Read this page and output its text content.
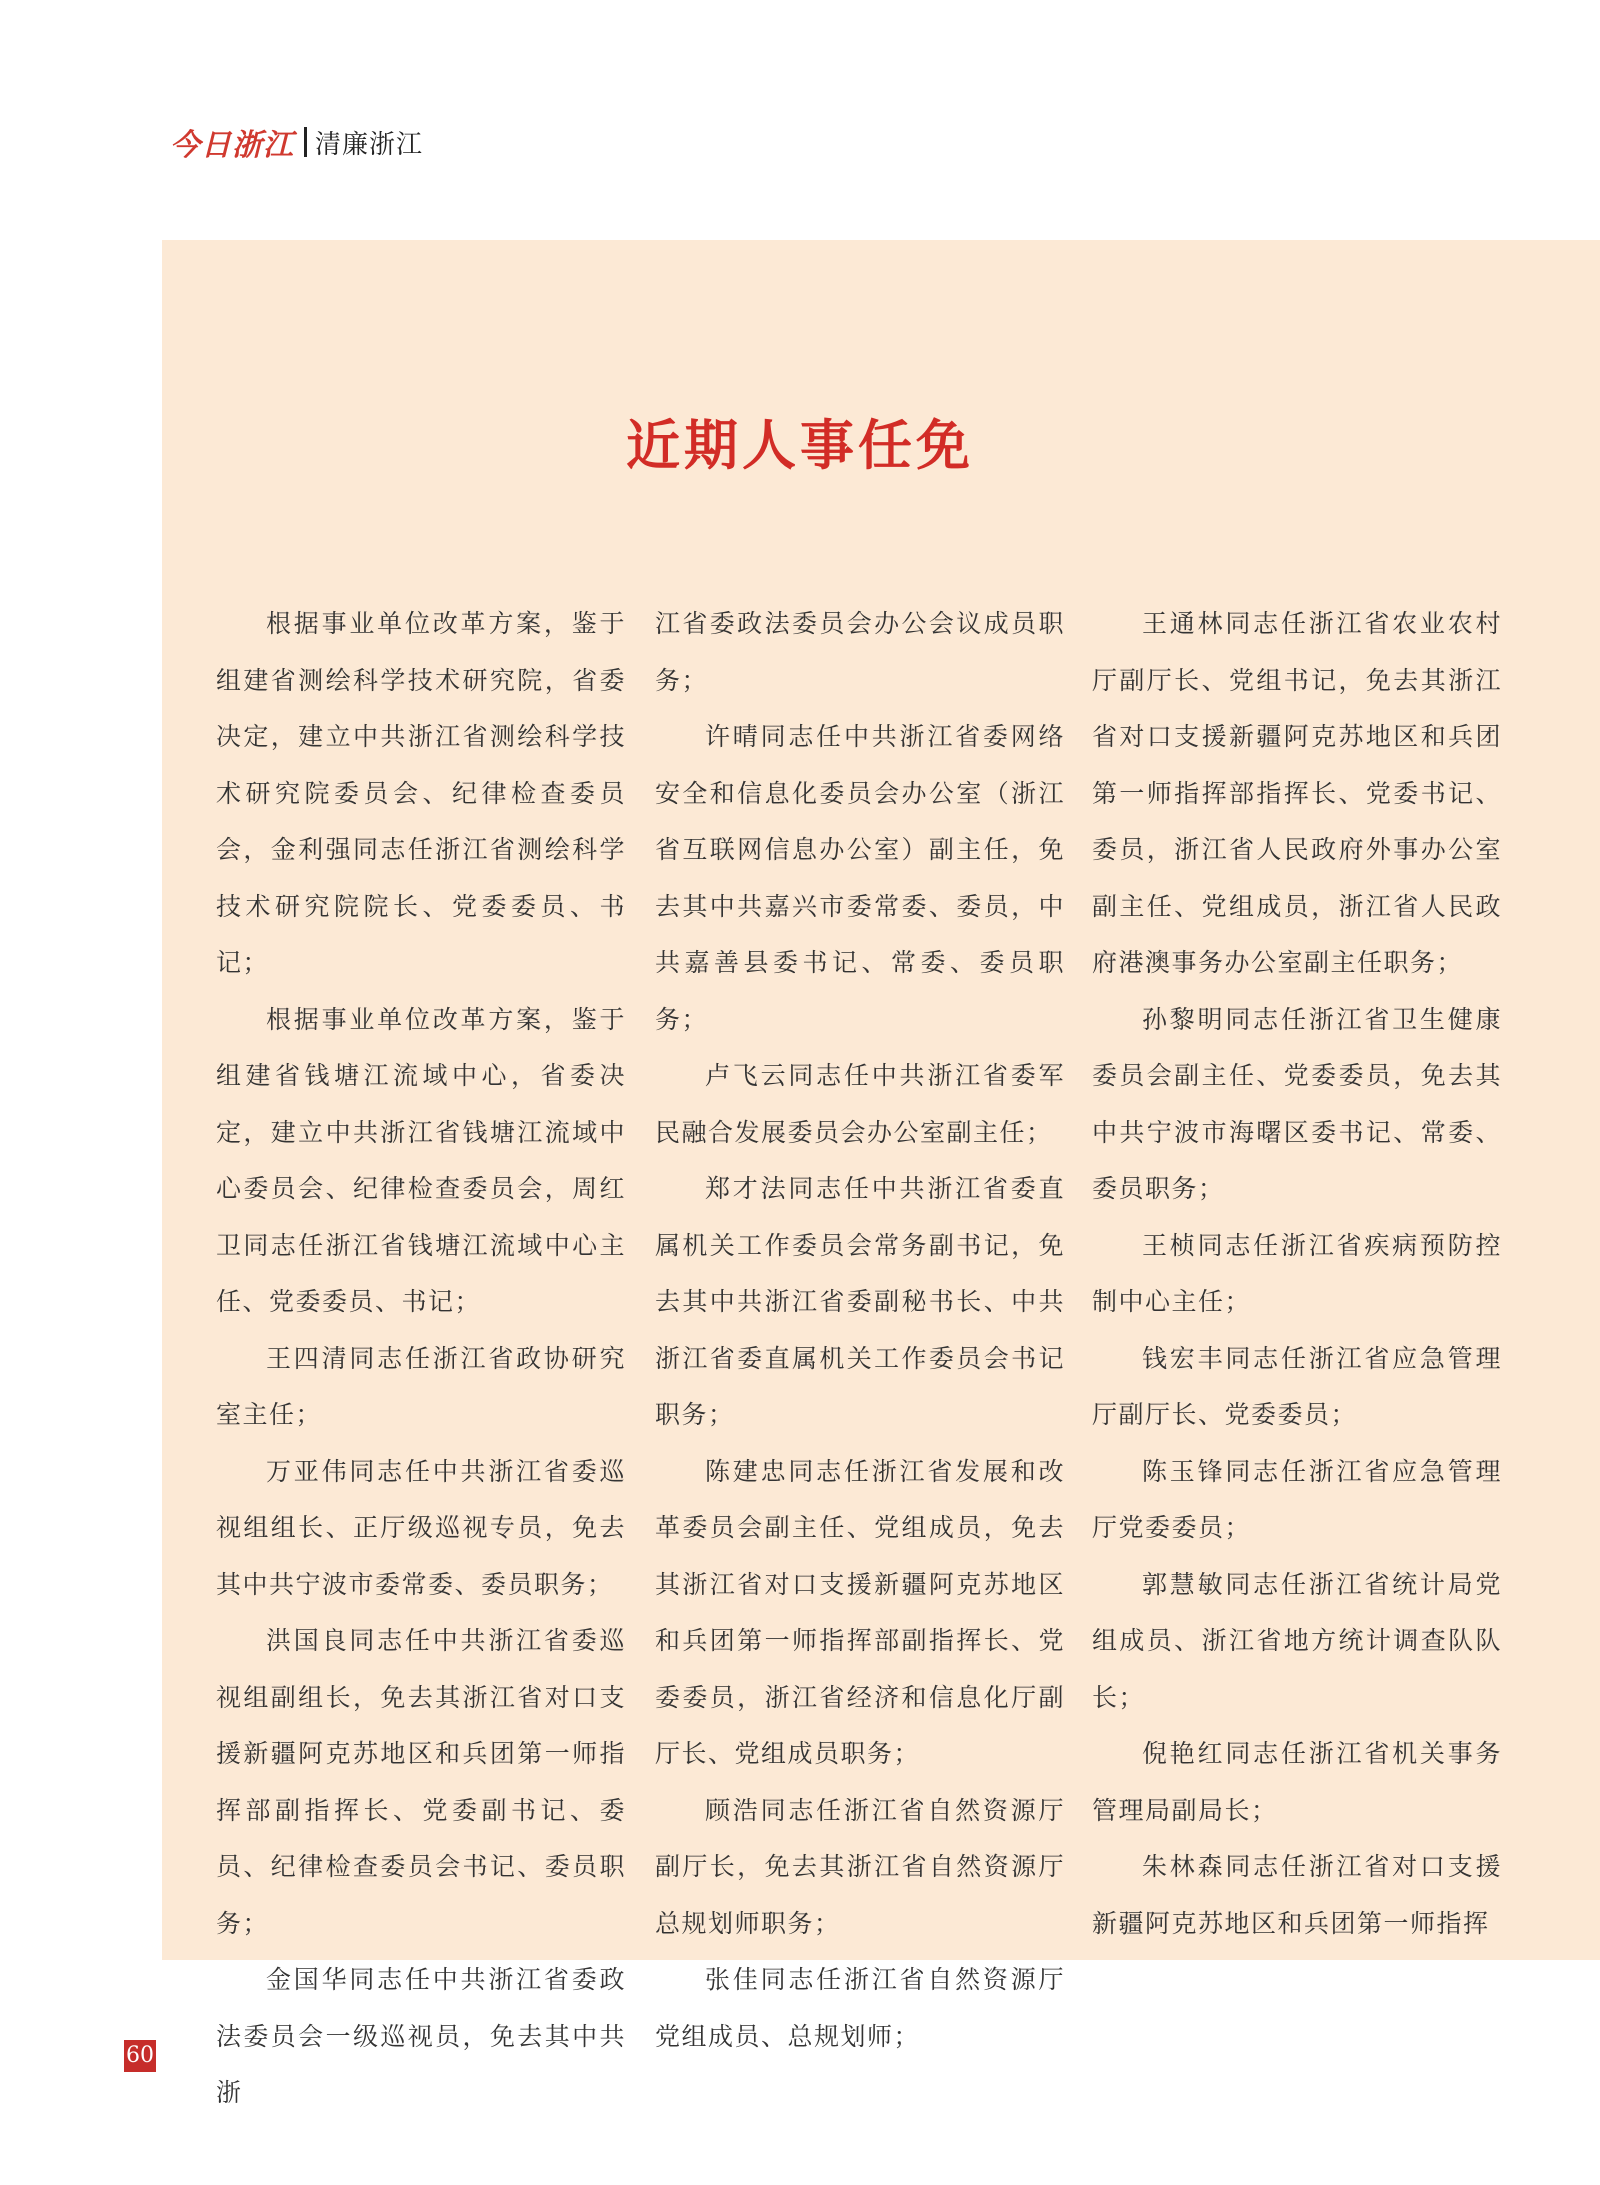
今日浙江 清廉浙江
近期人事任免

根据事业单位改革方案，鉴于组建省测绘科学技术研究院，省委决定，建立中共浙江省测绘科学技术研究院委员会、纪律检查委员会，金利强同志任浙江省测绘科学技术研究院院长、党委委员、书记；

根据事业单位改革方案，鉴于组建省钱塘江流域中心，省委决定，建立中共浙江省钱塘江流域中心委员会、纪律检查委员会，周红卫同志任浙江省钱塘江流域中心主任、党委委员、书记；

王四清同志任浙江省政协研究室主任；

万亚伟同志任中共浙江省委巡视组组长、正厅级巡视专员，免去其中共宁波市委常委、委员职务；

洪国良同志任中共浙江省委巡视组副组长，免去其浙江省对口支援新疆阿克苏地区和兵团第一师指挥部副指挥长、党委副书记、委员、纪律检查委员会书记、委员职务；

金国华同志任中共浙江省委政法委员会一级巡视员，免去其中共浙

江省委政法委员会办公会议成员职务；

许晴同志任中共浙江省委网络安全和信息化委员会办公室（浙江省互联网信息办公室）副主任，免去其中共嘉兴市委常委、委员，中共嘉善县委书记、常委、委员职务；

卢飞云同志任中共浙江省委军民融合发展委员会办公室副主任；

郑才法同志任中共浙江省委直属机关工作委员会常务副书记，免去其中共浙江省委副秘书长、中共浙江省委直属机关工作委员会书记职务；

陈建忠同志任浙江省发展和改革委员会副主任、党组成员，免去其浙江省对口支援新疆阿克苏地区和兵团第一师指挥部副指挥长、党委委员，浙江省经济和信息化厅副厅长、党组成员职务；

顾浩同志任浙江省自然资源厅副厅长，免去其浙江省自然资源厅总规划师职务；

张佳同志任浙江省自然资源厅党组成员、总规划师；

王通林同志任浙江省农业农村厅副厅长、党组书记，免去其浙江省对口支援新疆阿克苏地区和兵团第一师指挥部指挥长、党委书记、委员，浙江省人民政府外事办公室副主任、党组成员，浙江省人民政府港澳事务办公室副主任职务；

孙黎明同志任浙江省卫生健康委员会副主任、党委委员，免去其中共宁波市海曙区委书记、常委、委员职务；

王桢同志任浙江省疾病预防控制中心主任；

钱宏丰同志任浙江省应急管理厅副厅长、党委委员；

陈玉锋同志任浙江省应急管理厅党委委员；

郭慧敏同志任浙江省统计局党组成员、浙江省地方统计调查队队长；

倪艳红同志任浙江省机关事务管理局副局长；

朱林森同志任浙江省对口支援新疆阿克苏地区和兵团第一师指挥

60
